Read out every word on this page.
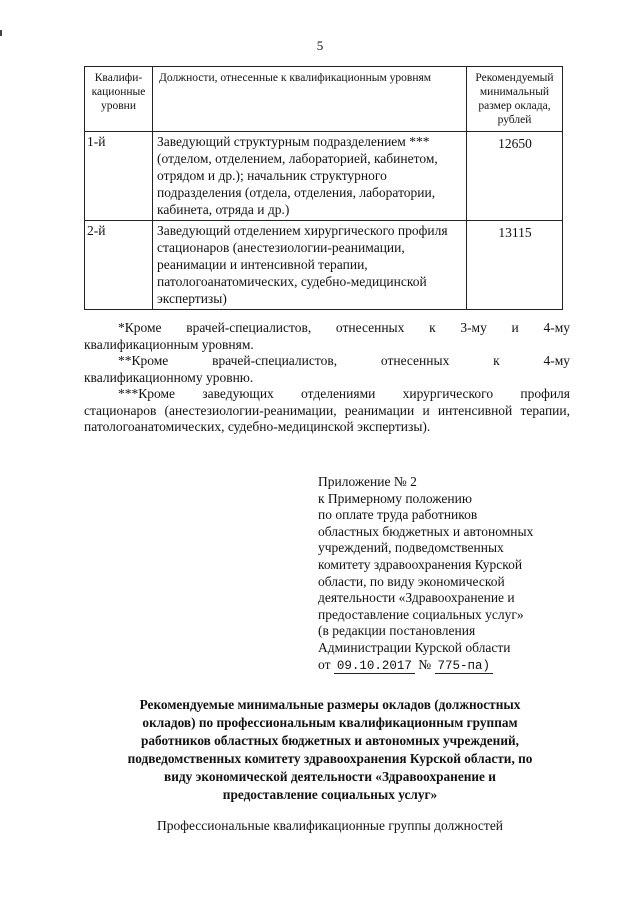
5
Квалифи-кационные уровни	Должности, отнесенные к квалификационным уровням	Рекомендуемый минимальный размер оклада, рублей
1-й	Заведующий структурным подразделением *** (отделом, отделением, лабораторией, кабинетом, отрядом и др.); начальник структурного подразделения (отдела, отделения, лаборатории, кабинета, отряда и др.)	12650
2-й	Заведующий отделением хирургического профиля стационаров (анестезиологии-реанимации, реанимации и интенсивной терапии, патологоанатомических, судебно-медицинской экспертизы)	13115
*Кроме врачей-специалистов, отнесенных к 3-му и 4-му
квалификационным уровням.
**Кроме врачей-специалистов, отнесенных к 4-му
квалификационному уровню.
***Кроме заведующих отделениями хирургического профиля
стационаров (анестезиологии-реанимации, реанимации и интенсивной терапии, патологоанатомических, судебно-медицинской экспертизы).
Приложение № 2
к Примерному положению
по оплате труда работников
областных бюджетных и автономных
учреждений, подведомственных
комитету здравоохранения Курской
области, по виду экономической
деятельности «Здравоохранение и
предоставление социальных услуг»
(в редакции постановления
Администрации Курской области
от 09.10.2017 № 775-па)
Рекомендуемые минимальные размеры окладов (должностных
окладов) по профессиональным квалификационным группам
работников областных бюджетных и автономных учреждений,
подведомственных комитету здравоохранения Курской области, по
виду экономической деятельности «Здравоохранение и
предоставление социальных услуг»
Профессиональные квалификационные группы должностей
